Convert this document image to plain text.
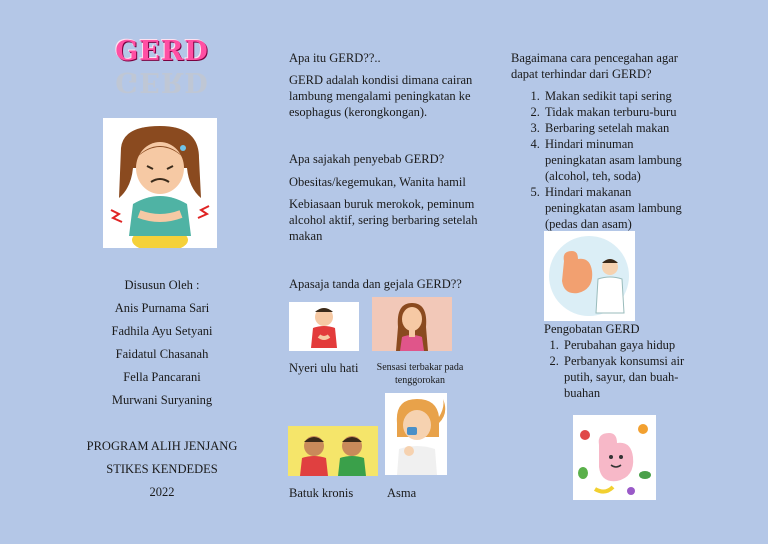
GERD
GERD
Disusun Oleh :
Anis Purnama Sari
Fadhila Ayu Setyani
Faidatul Chasanah
Fella Pancarani
Murwani Suryaning
PROGRAM ALIH JENJANG
STIKES KENDEDES
2022

Apa itu GERD??..

GERD adalah kondisi dimana cairan lambung mengalami peningkatan ke esophagus (kerongkongan).

Apa sajakah penyebab GERD?

Obesitas/kegemukan, Wanita hamil

Kebiasaan buruk merokok, peminum alcohol aktif, sering berbaring setelah makan

Apasaja tanda dan gejala GERD??

Nyeri ulu hati	Sensasi terbakar pada tenggorokan

Batuk kronis	Asma

Bagaimana cara pencegahan agar dapat terhindar dari GERD?

1. Makan sedikit tapi sering
2. Tidak makan terburu-buru
3. Berbaring setelah makan
4. Hindari minuman peningkatan asam lambung (alcohol, teh, soda)
5. Hindari makanan peningkatan asam lambung (pedas dan asam)

Pengobatan GERD

1. Perubahan gaya hidup
2. Perbanyak konsumsi air putih, sayur, dan buah-buahan
